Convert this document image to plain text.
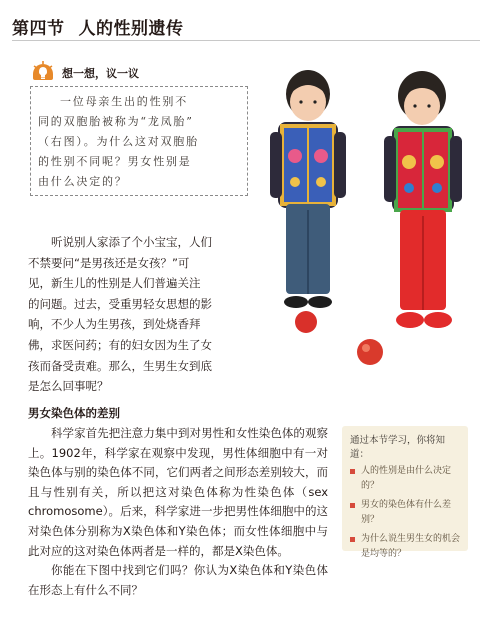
第四节 人的性别遗传
想一想，议一议

一位母亲生出的性别不

同的双胞胎被称为“龙凤胎”

（右图）。为什么这对双胞胎

的性别不同呢？男女性别是

由什么决定的？

听说别人家添了个小宝宝，人们

不禁要问“是男孩还是女孩？”可

见，新生儿的性别是人们普遍关注

的问题。过去，受重男轻女思想的影

响，不少人为生男孩，到处烧香拜

佛，求医问药；有的妇女因为生了女

孩而备受责难。那么，生男生女到底

是怎么回事呢？

男女染色体的差别

科学家首先把注意力集中到对男性和女性染色体的观察上。1902年，科学家在观察中发现，男性体细胞中有一对染色体与别的染色体不同，它们两者之间形态差别较大，而且与性别有关，所以把这对染色体称为性染色体（sex chromosome）。后来，科学家进一步把男性体细胞中的这对染色体分别称为X染色体和Y染色体；而女性体细胞中与此对应的这对染色体两者是一样的，都是X染色体。

你能在下图中找到它们吗？你认为X染色体和Y染色体在形态上有什么不同？

通过本节学习，你将知道：
人的性别是由什么决定的？
男女的染色体有什么差别？
为什么说生男生女的机会是均等的？
